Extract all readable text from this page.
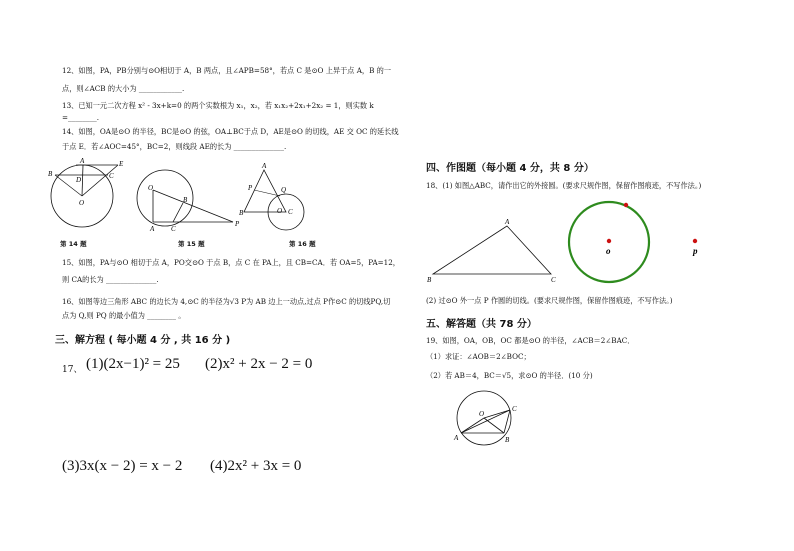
12、如图，PA，PB分别与⊙O相切于 A，B 两点，且∠APB=58°，若点 C 是⊙O 上异于点 A，B 的一
点，则∠ACB 的大小为 ____________.
13、已知一元二次方程 x² - 3x+k=0 的两个实数根为 x₁，x₂，若 x₁x₂+2x₁+2x₂ = 1，则实数 k
=________.
14、如图，OA是⊙O 的半径，BC是⊙O 的弦，OA⊥BC于点 D，AE是⊙O 的切线，AE 交 OC 的延长线
于点 E．若∠AOC=45°，BC=2，则线段 AE的长为 ______________.
A	E
B
D	C
O
第 14 题
O
B
A C
P
第 15 题
A
P	Q
B	O C
第 16 题
15、如图，PA与⊙O 相切于点 A，PO交⊙O 于点 B，点 C 在 PA上，且 CB=CA．若 OA=5，PA=12，
则 CA的长为 ______________.
16、如图等边三角形 ABC 的边长为 4,⊙C 的半径为√3 P为 AB 边上一动点,过点 P作⊙C 的切线PQ,切
点为 Q,则 PQ 的最小值为 ________ 。
三、解方程 ( 每小题 4 分 , 共 16 分 )
17、 (1)(2x−1)² = 25 (2)x² + 2x − 2 = 0
(3)3x(x − 2) = x − 2 (4)2x² + 3x = 0
四、作图题（每小题 4 分，共 8 分）
18、(1) 如图△ABC，请作出它的外接圆。(要求尺规作图，保留作图痕迹，不写作法。)
A
B	C
o	p
(2) 过⊙O 外一点 P 作圆的切线。(要求尺规作图，保留作图痕迹，不写作法。)
五、解答题（共 78 分）
19、如图，OA，OB，OC 都是⊙O 的半径，∠ACB＝2∠BAC．
（1）求证：∠AOB＝2∠BOC；
（2）若 AB＝4，BC＝√5，求⊙O 的半径．(10 分)
O
C
A	B
